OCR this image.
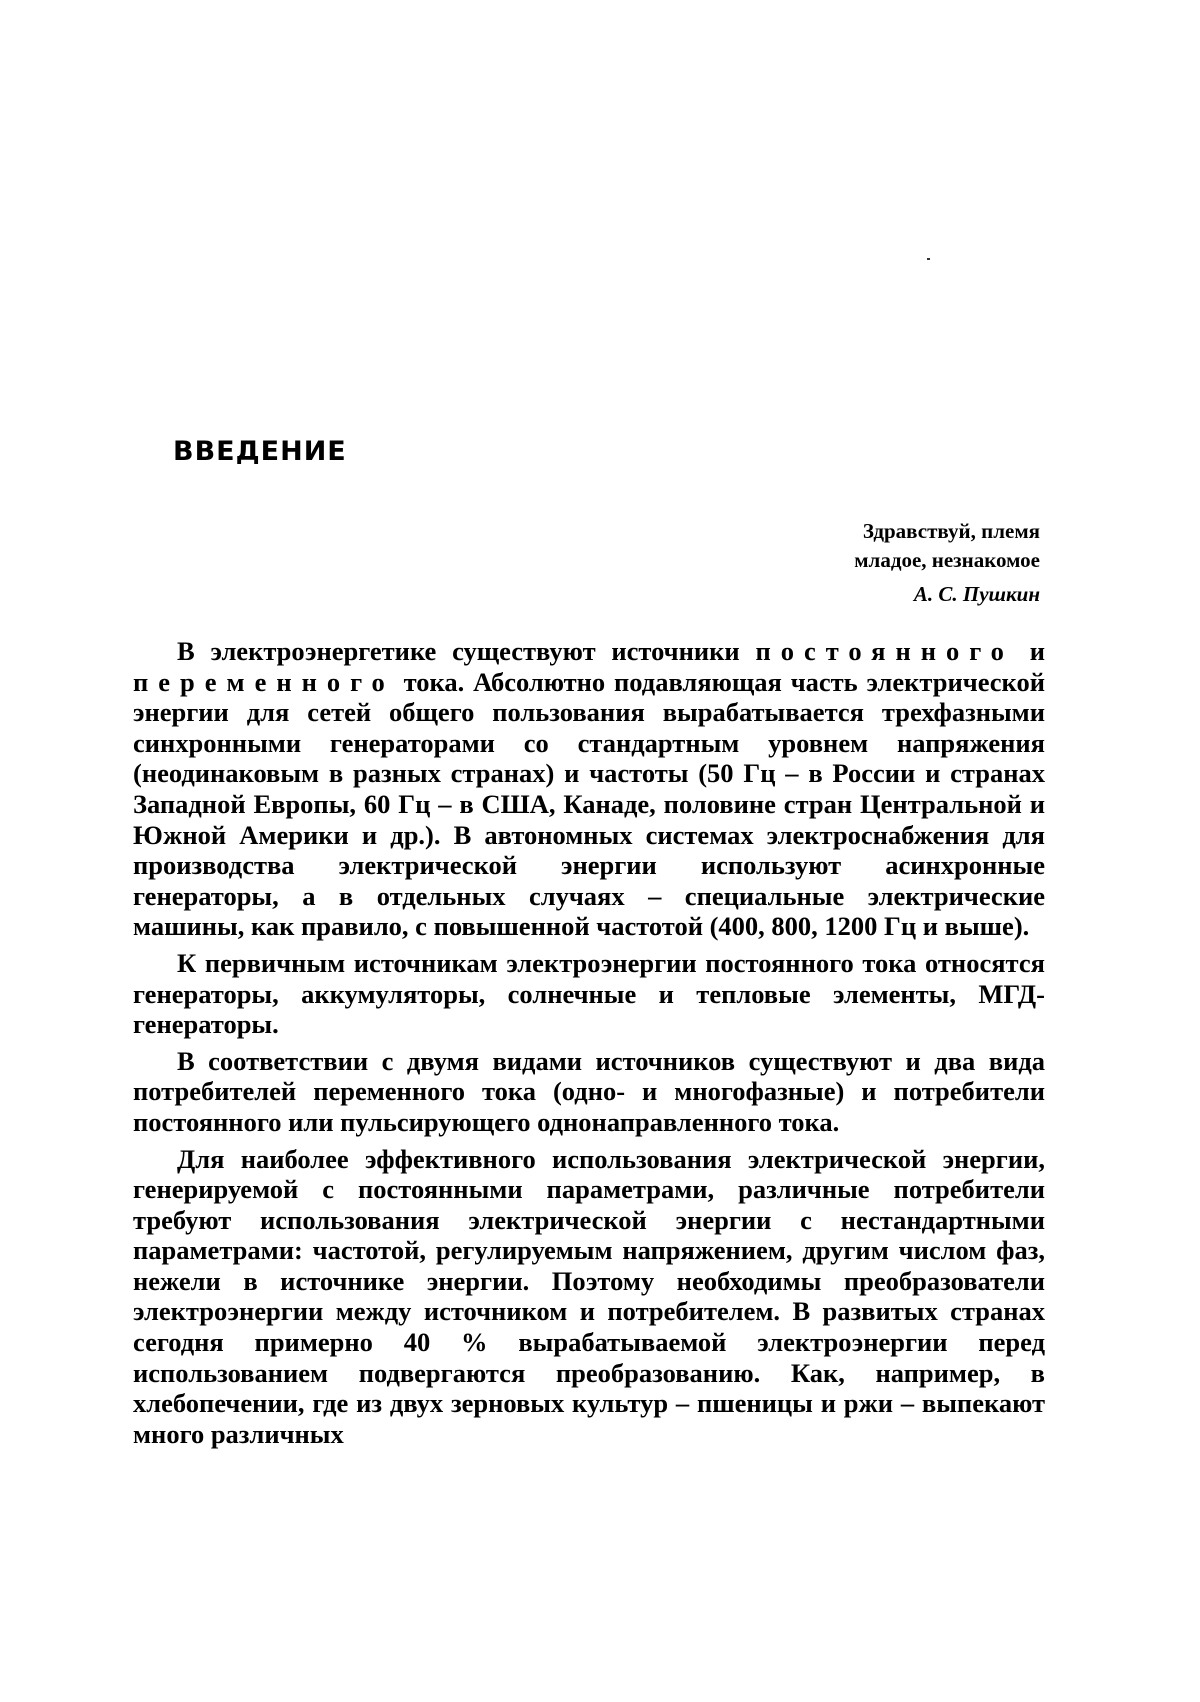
ВВЕДЕНИЕ
Здравствуй, племя
младое, незнакомое
А. С. Пушкин

В электроэнергетике существуют источники постоянного и переменного тока. Абсолютно подавляющая часть электрической энергии для сетей общего пользования вырабатывается трехфазными синхронными генераторами со стандартным уровнем напряжения (неодинаковым в разных странах) и частоты (50 Гц – в России и странах Западной Европы, 60 Гц – в США, Канаде, половине стран Центральной и Южной Америки и др.). В автономных системах электроснабжения для производства электрической энергии используют асинхронные генераторы, а в отдельных случаях – специальные электрические машины, как правило, с повышенной частотой (400, 800, 1200 Гц и выше).

К первичным источникам электроэнергии постоянного тока относятся генераторы, аккумуляторы, солнечные и тепловые элементы, МГД-генераторы.

В соответствии с двумя видами источников существуют и два вида потребителей переменного тока (одно- и многофазные) и потребители постоянного или пульсирующего однонаправленного тока.

Для наиболее эффективного использования электрической энергии, генерируемой с постоянными параметрами, различные потребители требуют использования электрической энергии с нестандартными параметрами: частотой, регулируемым напряжением, другим числом фаз, нежели в источнике энергии. Поэтому необходимы преобразователи электроэнергии между источником и потребителем. В развитых странах сегодня примерно 40 % вырабатываемой электроэнергии перед использованием подвергаются преобразованию. Как, например, в хлебопечении, где из двух зерновых культур – пшеницы и ржи – выпекают много различных
